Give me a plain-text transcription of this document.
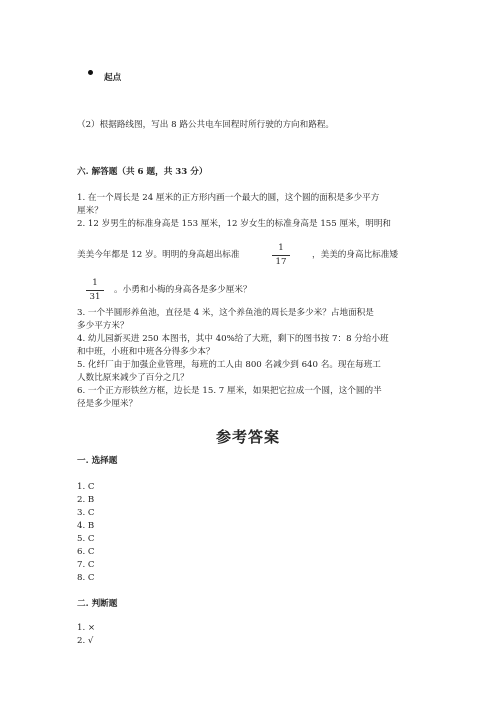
起点
（2）根据路线图，写出 8 路公共电车回程时所行驶的方向和路程。
六. 解答题（共 6 题，共 33 分）
1. 在一个周长是 24 厘米的正方形内画一个最大的圆，这个圆的面积是多少平方
厘米？
2. 12 岁男生的标准身高是 153 厘米，12 岁女生的标准身高是 155 厘米，明明和
美美今年都是 12 岁。明明的身高超出标准
1
17
，美美的身高比标准矮
1
31
。小勇和小梅的身高各是多少厘米？
3. 一个半圆形养鱼池，直径是 4 米，这个养鱼池的周长是多少米？占地面积是
多少平方米？
4. 幼儿园新买进 250 本图书，其中 40%给了大班，剩下的图书按 7：8 分给小班
和中班，小班和中班各分得多少本？
5. 化纤厂由于加强企业管理，每班的工人由 800 名减少到 640 名。现在每班工
人数比原来减少了百分之几？
6. 一个正方形铁丝方框，边长是 15. 7 厘米，如果把它拉成一个圆，这个圆的半
径是多少厘米？
参考答案
一. 选择题
1. C
2. B
3. C
4. B
5. C
6. C
7. C
8. C
二. 判断题
1. ×
2. √
